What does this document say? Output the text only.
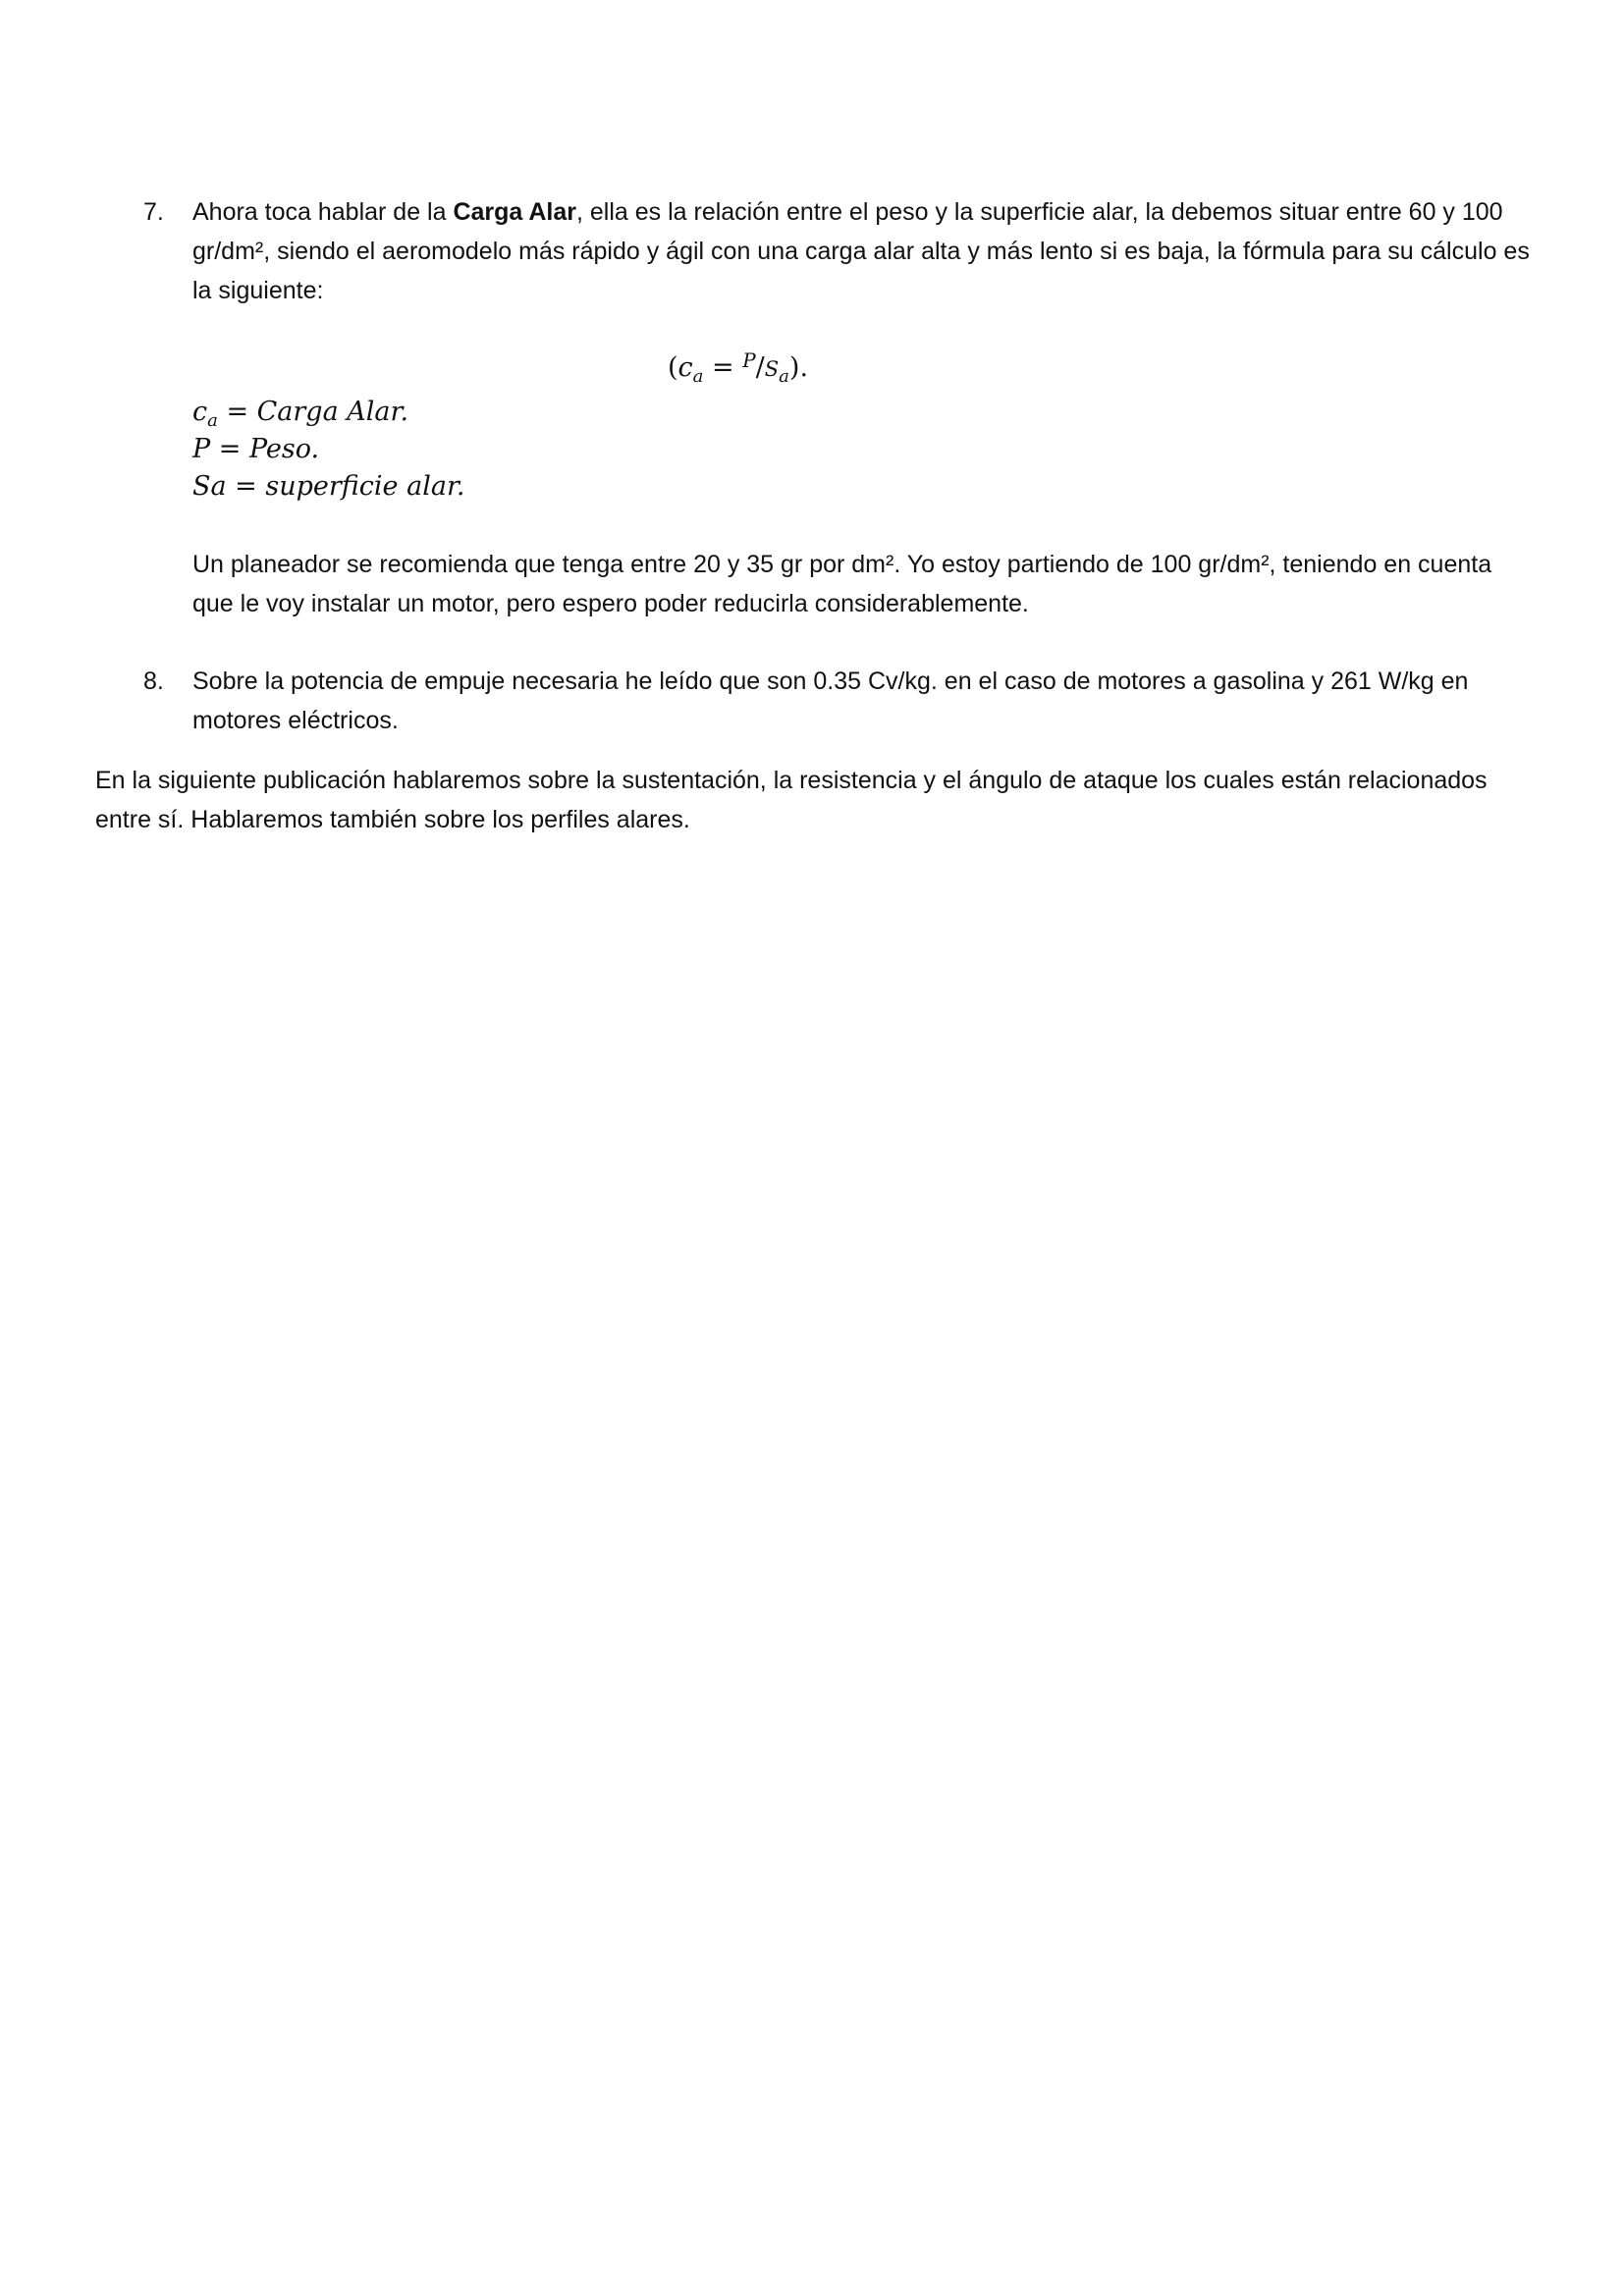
7. Ahora toca hablar de la Carga Alar, ella es la relación entre el peso y la superficie alar, la debemos situar entre 60 y 100 gr/dm², siendo el aeromodelo más rápido y ágil con una carga alar alta y más lento si es baja, la fórmula para su cálculo es la siguiente:

$(c_a = ^P/S_a)$.
$c_a$ = Carga Alar.
P = Peso.
Sa = superficie alar.

Un planeador se recomienda que tenga entre 20 y 35 gr por dm². Yo estoy partiendo de 100 gr/dm², teniendo en cuenta que le voy instalar un motor, pero espero poder reducirla considerablemente.

8. Sobre la potencia de empuje necesaria he leído que son 0.35 Cv/kg. en el caso de motores a gasolina y 261 W/kg en motores eléctricos.

En la siguiente publicación hablaremos sobre la sustentación, la resistencia y el ángulo de ataque los cuales están relacionados entre sí. Hablaremos también sobre los perfiles alares.
